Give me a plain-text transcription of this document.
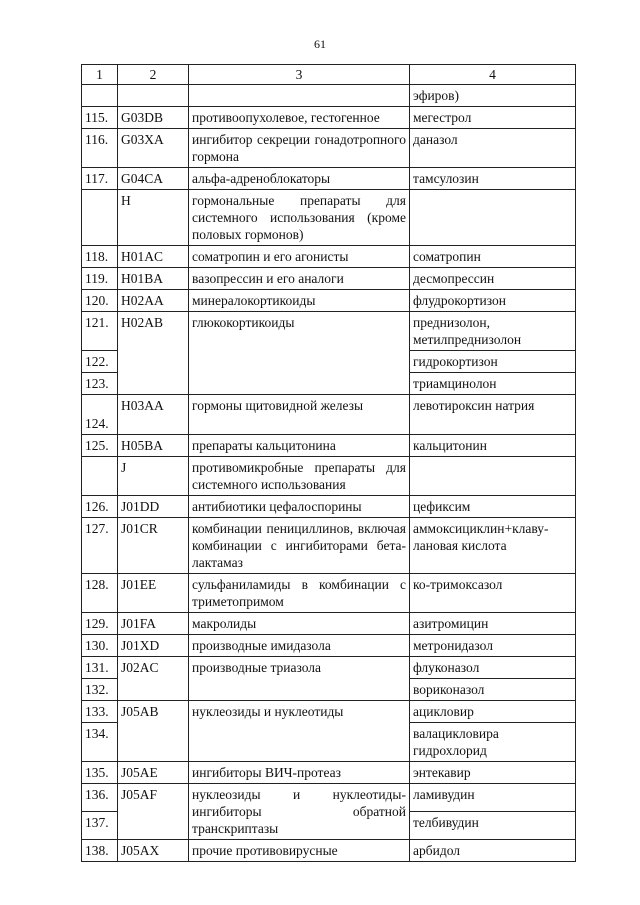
61
1	2	3	4
			эфиров)
115.	G03DB	противоопухолевое, гестогенное	мегестрол
116.	G03XA	ингибитор секреции гонадотропного гормона	даназол
117.	G04CA	альфа-адреноблокаторы	тамсулозин
	H	гормональные препараты для системного использования (кроме половых гормонов)	
118.	H01AC	соматропин и его агонисты	соматропин
119.	H01BA	вазопрессин и его аналоги	десмопрессин
120.	H02AA	минералокортикоиды	флудрокортизон
121.	H02AB	глюкокортикоиды	преднизолон, метилпреднизолон
122.			гидрокортизон
123.			триамцинолон
124.	H03AA	гормоны щитовидной железы	левотироксин натрия
125.	H05BA	препараты кальцитонина	кальцитонин
	J	противомикробные препараты для системного использования	
126.	J01DD	антибиотики цефалоспорины	цефиксим
127.	J01CR	комбинации пенициллинов, включая комбинации с ингибиторами бета-лактамаз	аммоксициклин+клаву-лановая кислота
128.	J01EE	сульфаниламиды в комбинации с триметопримом	ко-тримоксазол
129.	J01FA	макролиды	азитромицин
130.	J01XD	производные имидазола	метронидазол
131.	J02AC	производные триазола	флуконазол
132.			вориконазол
133.	J05AB	нуклеозиды и нуклеотиды	ацикловир
134.			валацикловира гидрохлорид
135.	J05AE	ингибиторы ВИЧ-протеаз	энтекавир
136.	J05AF	нуклеозиды и нуклеотиды-ингибиторы обратной транскриптазы	ламивудин
137.			телбивудин
138.	J05AX	прочие противовирусные	арбидол
